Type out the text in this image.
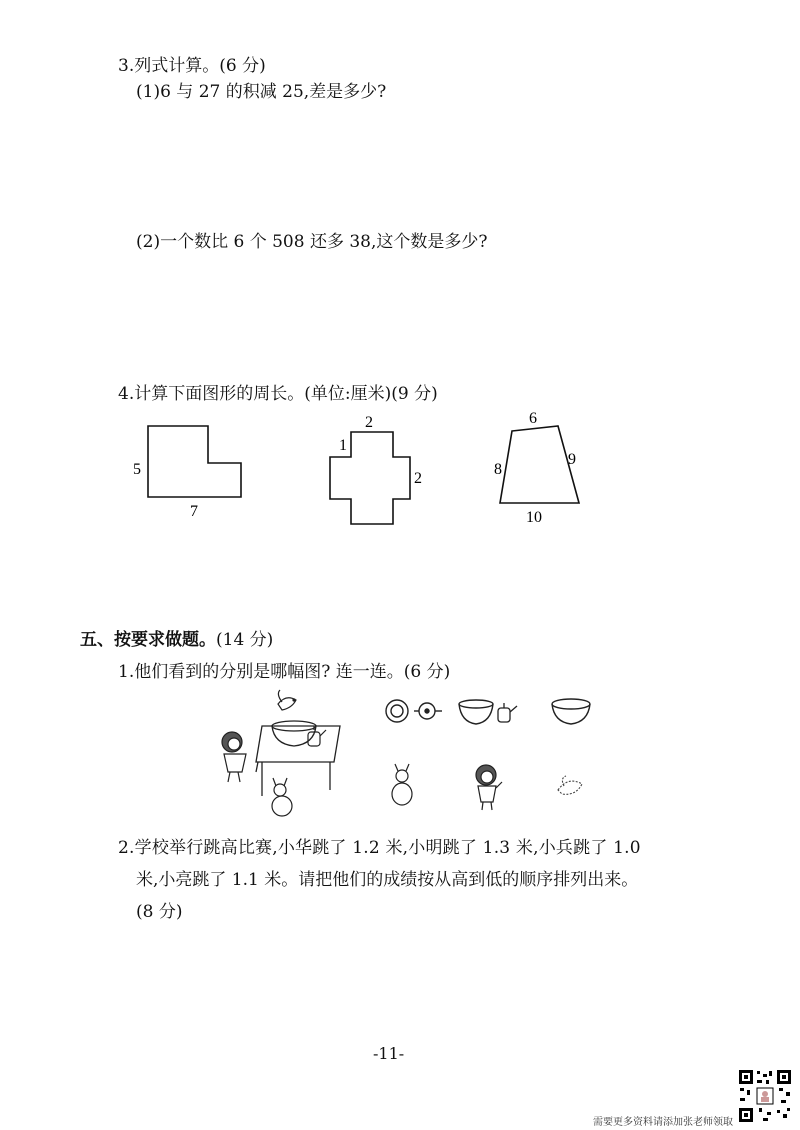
3.列式计算。(6 分)
(1)6 与 27 的积减 25,差是多少?
(2)一个数比 6 个 508 还多 38,这个数是多少?
4.计算下面图形的周长。(单位:厘米)(9 分)
5
7
2
1
2
6
8
9
10
五、按要求做题。(14 分)
1.他们看到的分别是哪幅图? 连一连。(6 分)
2.学校举行跳高比赛,小华跳了 1.2 米,小明跳了 1.3 米,小兵跳了 1.0
米,小亮跳了 1.1 米。请把他们的成绩按从高到低的顺序排列出来。
(8 分)
-11-
需要更多资料请添加张老师领取
